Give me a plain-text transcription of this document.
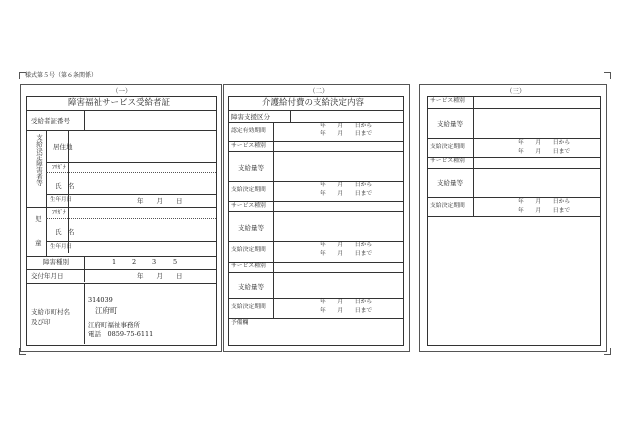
様式第５号（第６条関係）
（一）
障害福祉サービス受給者証
受給者証番号
支給決定障害者等 居住地
ﾌﾘｶﾞﾅ
氏　名
生年月日	年　　月　　日
児
童
ﾌﾘｶﾞﾅ
氏　名
生年月日
障害種別	1 2 3	5
交付年月日	年　　月　　日
支給市町村名
及び印
314039
江府町
江府町福祉事務所
電話　0859-75-6111
（二）
介護給付費の支給決定内容
障害支援区分
認定有効期間
年　　月　　日から
年　　月　　日まで
サービス種別
支給量等
支給決定期間
年　　月　　日から
年　　月　　日まで
サービス種別
支給量等
支給決定期間
年　　月　　日から
年　　月　　日まで
サービス種別
支給量等
支給決定期間
年　　月　　日から
年　　月　　日まで
予備欄
（三）
サービス種別
支給量等
支給決定期間
年　　月　　日から
年　　月　　日まで
サービス種別
支給量等
支給決定期間
年　　月　　日から
年　　月　　日まで
